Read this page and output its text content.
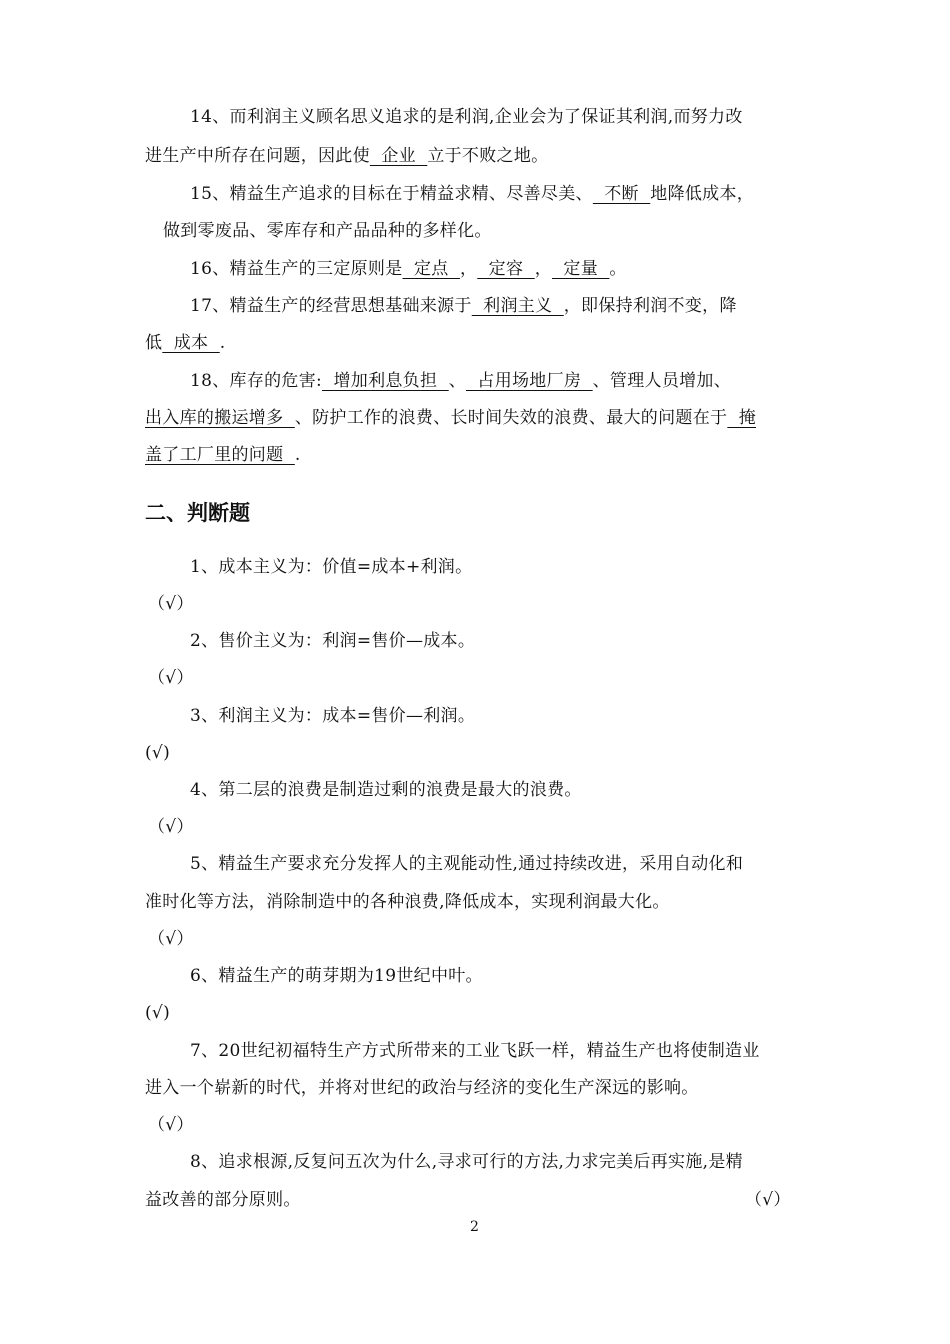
14、而利润主义顾名思义追求的是利润,企业会为了保证其利润,而努力改
进生产中所存在问题，因此使  企业  立于不败之地。
15、精益生产追求的目标在于精益求精、尽善尽美、  不断  地降低成本，
做到零废品、零库存和产品品种的多样化。
16、精益生产的三定原则是  定点  ，  定容  ，  定量  。
17、精益生产的经营思想基础来源于  利润主义  ，即保持利润不变，降
低  成本  .
18、库存的危害:  增加利息负担  、  占用场地厂房  、管理人员增加、
出入库的搬运增多  、防护工作的浪费、长时间失效的浪费、最大的问题在于  掩
盖了工厂里的问题  .
二、判断题
1、成本主义为：价值=成本+利润。
（√）
2、售价主义为：利润=售价—成本。
（√）
3、利润主义为：成本=售价—利润。
(√)
4、第二层的浪费是制造过剩的浪费是最大的浪费。
（√）
5、精益生产要求充分发挥人的主观能动性,通过持续改进，采用自动化和
准时化等方法，消除制造中的各种浪费,降低成本，实现利润最大化。
（√）
6、精益生产的萌芽期为19世纪中叶。
(√)
7、20世纪初福特生产方式所带来的工业飞跃一样，精益生产也将使制造业
进入一个崭新的时代，并将对世纪的政治与经济的变化生产深远的影响。
（√）
8、追求根源,反复问五次为什么,寻求可行的方法,力求完美后再实施,是精
益改善的部分原则。	（√）
2
